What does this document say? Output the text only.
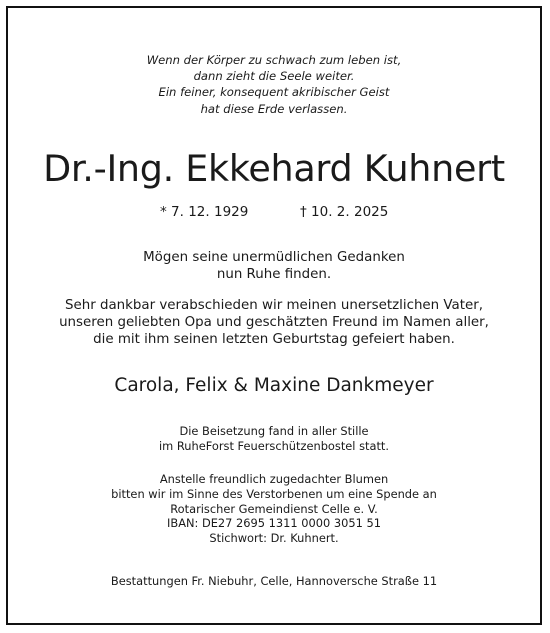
Wenn der Körper zu schwach zum leben ist,
dann zieht die Seele weiter.
Ein feiner, konsequent akribischer Geist
hat diese Erde verlassen.
Dr.-Ing. Ekkehard Kuhnert
* 7. 12. 1929	† 10. 2. 2025
Mögen seine unermüdlichen Gedanken
nun Ruhe finden.
Sehr dankbar verabschieden wir meinen unersetzlichen Vater,
unseren geliebten Opa und geschätzten Freund im Namen aller,
die mit ihm seinen letzten Geburtstag gefeiert haben.
Carola, Felix & Maxine Dankmeyer
Die Beisetzung fand in aller Stille
im RuheForst Feuerschützenbostel statt.
Anstelle freundlich zugedachter Blumen
bitten wir im Sinne des Verstorbenen um eine Spende an
Rotarischer Gemeindienst Celle e. V.
IBAN: DE27 2695 1311 0000 3051 51
Stichwort: Dr. Kuhnert.
Bestattungen Fr. Niebuhr, Celle, Hannoversche Straße 11
